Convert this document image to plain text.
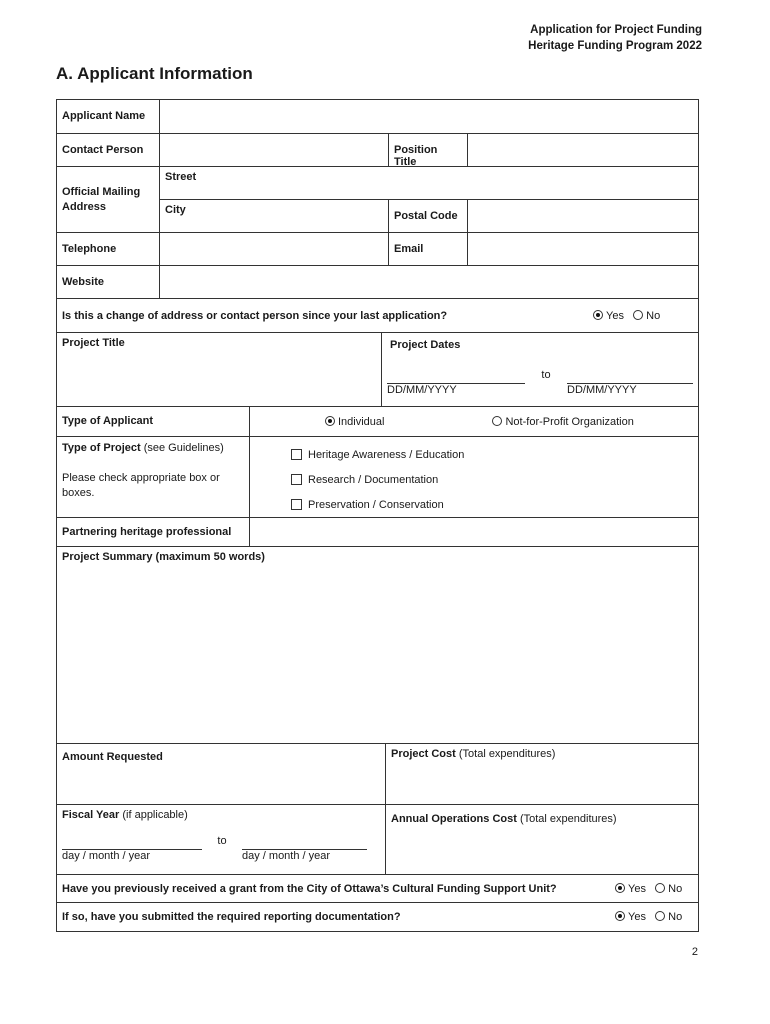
Application for Project Funding
Heritage Funding Program 2022
A. Applicant Information
Applicant Name
Contact Person	Position Title
Official Mailing Address
Street
City	Postal Code
Telephone	Email
Website
Is this a change of address or contact person since your last application?	Yes No
Project Title	Project Dates
DD/MM/YYYY
to
DD/MM/YYYY
Type of Applicant	Individual	Not-for-Profit Organization
Type of Project (see Guidelines)
Please check appropriate box or boxes.
Heritage Awareness / Education
Research / Documentation
Preservation / Conservation
Partnering heritage professional
Project Summary (maximum 50 words)
Amount Requested	Project Cost (Total expenditures)
Fiscal Year (if applicable)
day / month / year
to
day / month / year
Annual Operations Cost (Total expenditures)
Have you previously received a grant from the City of Ottawa’s Cultural Funding Support Unit?	Yes No
If so, have you submitted the required reporting documentation?	Yes No
2
